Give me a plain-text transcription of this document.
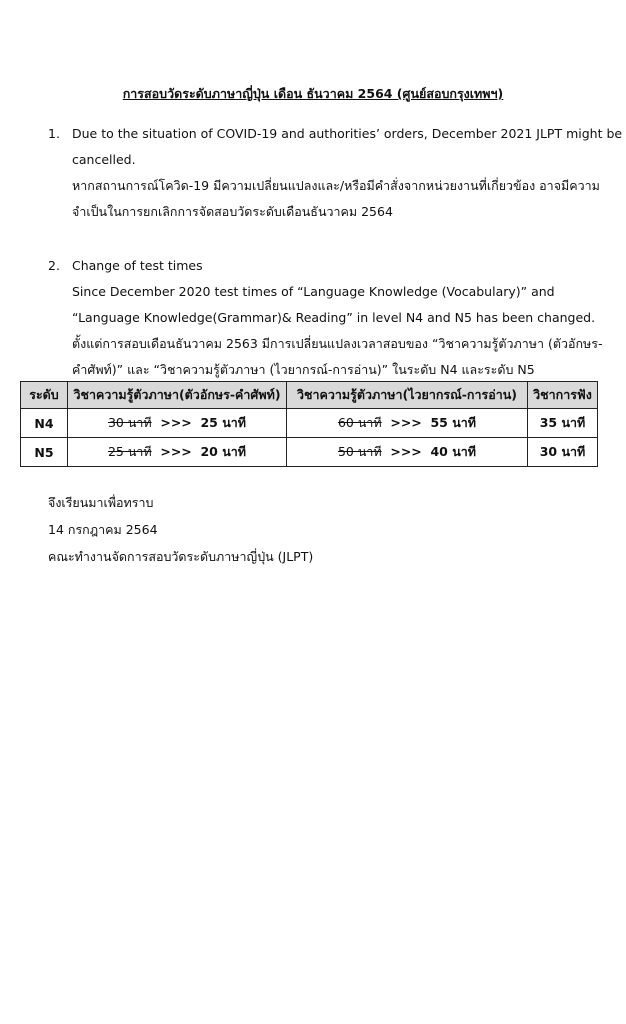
การสอบวัดระดับภาษาญี่ปุ่น เดือน ธันวาคม 2564 (ศูนย์สอบกรุงเทพฯ)
1. Due to the situation of COVID-19 and authorities’ orders, December 2021 JLPT might be
cancelled.
หากสถานการณ์โควิด-19 มีความเปลี่ยนแปลงและ/หรือมีคำสั่งจากหน่วยงานที่เกี่ยวข้อง อาจมีความ
จำเป็นในการยกเลิกการจัดสอบวัดระดับเดือนธันวาคม 2564
2. Change of test times
Since December 2020 test times of “Language Knowledge (Vocabulary)” and
“Language Knowledge(Grammar)& Reading” in level N4 and N5 has been changed.
ตั้งแต่การสอบเดือนธันวาคม 2563 มีการเปลี่ยนแปลงเวลาสอบของ “วิชาความรู้ตัวภาษา (ตัวอักษร-
คำศัพท์)” และ “วิชาความรู้ตัวภาษา (ไวยากรณ์-การอ่าน)” ในระดับ N4 และระดับ N5
ระดับ	วิชาความรู้ตัวภาษา(ตัวอักษร-คำศัพท์)	วิชาความรู้ตัวภาษา(ไวยากรณ์-การอ่าน)	วิชาการฟัง
N4	30 นาที >>> 25 นาที	60 นาที >>> 55 นาที	35 นาที
N5	25 นาที >>> 20 นาที	50 นาที >>> 40 นาที	30 นาที
จึงเรียนมาเพื่อทราบ
14 กรกฎาคม 2564
คณะทำงานจัดการสอบวัดระดับภาษาญี่ปุ่น (JLPT)
